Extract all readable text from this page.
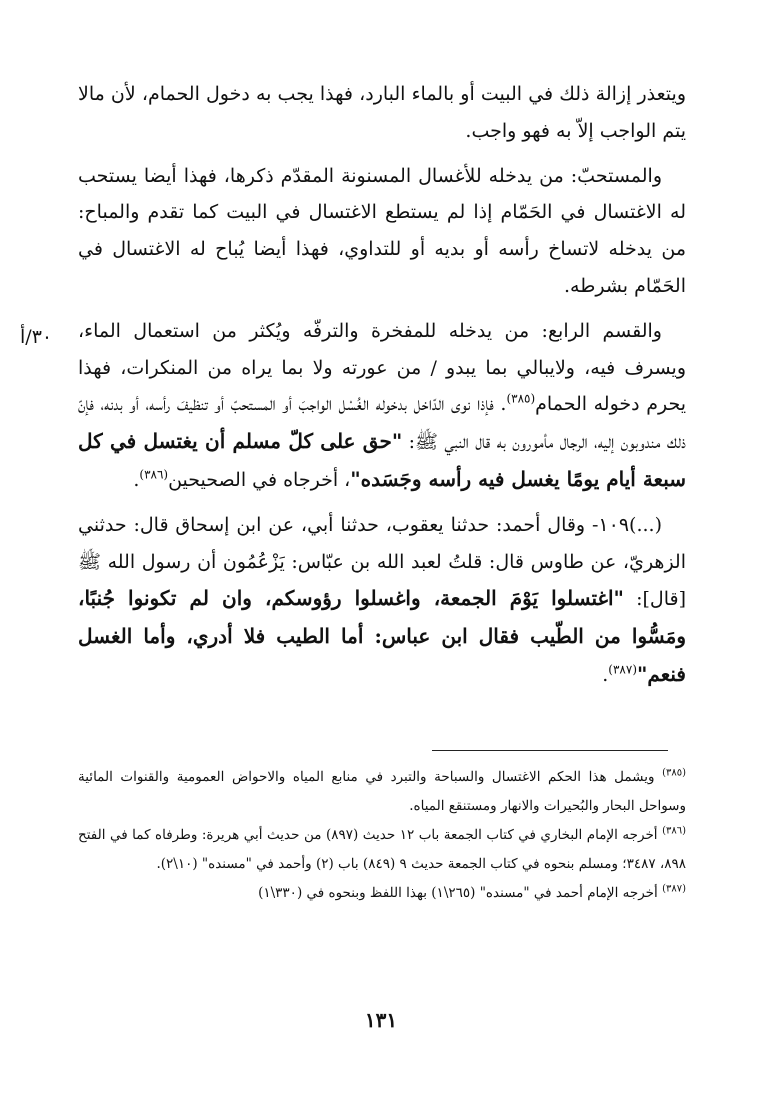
ويتعذر إزالة ذلك في البيت أو بالماء البارد، فهذا يجب به دخول الحمام، لأن مالا يتم الواجب إلاّ به فهو واجب.

والمستحبّ: من يدخله للأغسال المسنونة المقدّم ذكرها، فهذا أيضا يستحب له الاغتسال في الحَمّام إذا لم يستطع الاغتسال في البيت كما تقدم والمباح: من يدخله لاتساخ رأسه أو بديه أو للتداوي، فهذا أيضا يُباح له الاغتسال في الحَمّام بشرطه.

والقسم الرابع: من يدخله للمفخرة والترفّه ويُكثر من استعمال الماء، ويسرف فيه، ولايبالي بما يبدو / من عورته ولا بما يراه من المنكرات، فهذا يحرم دخوله الحمام$^{(٣٨٥)}$. فإذا نوى الدّاخل بدخوله الغُسْل الواجبَ أو المستحبّ أو تنظيفَ رأسه، أو بدنه، فإنّ ذلك مندوبون إليه، الرجال مأمورون به قال النبي ﷺ: "حق على كلّ مسلم أن يغتسل في كل سبعة أيام يومًا يغسل فيه رأسه وجَسَده"، أخرجاه في الصحيحين$^{(٣٨٦)}$.

(...)١٠٩- وقال أحمد: حدثنا يعقوب، حدثنا أبي، عن ابن إسحاق قال: حدثني الزهريّ، عن طاوس قال: قلتُ لعبد الله بن عبّاس: يَزْعُمُون أن رسول الله ﷺ [قال]: "اغتسلوا يَوْمَ الجمعة، واغسلوا رؤوسكم، وان لم تكونوا جُنبًا، ومَسُّوا من الطّيب فقال ابن عباس: أما الطيب فلا أدري، وأما الغسل فنعم"$^{(٣٨٧)}$.

٣٠/أ

$^{(٣٨٥)}$ ويشمل هذا الحكم الاغتسال والسباحة والتبرد في منابع المياه والاحواض العمومية والقنوات المائية وسواحل البحار والبُحيرات والانهار ومستنقع المياه.

$^{(٣٨٦)}$ أخرجه الإمام البخاري في كتاب الجمعة باب ١٢ حديث (٨٩٧) من حديث أبي هريرة: وطرفاه كما في الفتح ٨٩٨، ٣٤٨٧؛ ومسلم بنحوه في كتاب الجمعة حديث ٩ (٨٤٩) باب (٢) وأحمد في "مسنده" (١٠\٢).

$^{(٣٨٧)}$ أخرجه الإمام أحمد في "مسنده" (٢٦٥\١) بهذا اللفظ وبنحوه في (٣٣٠\١)

١٣١
